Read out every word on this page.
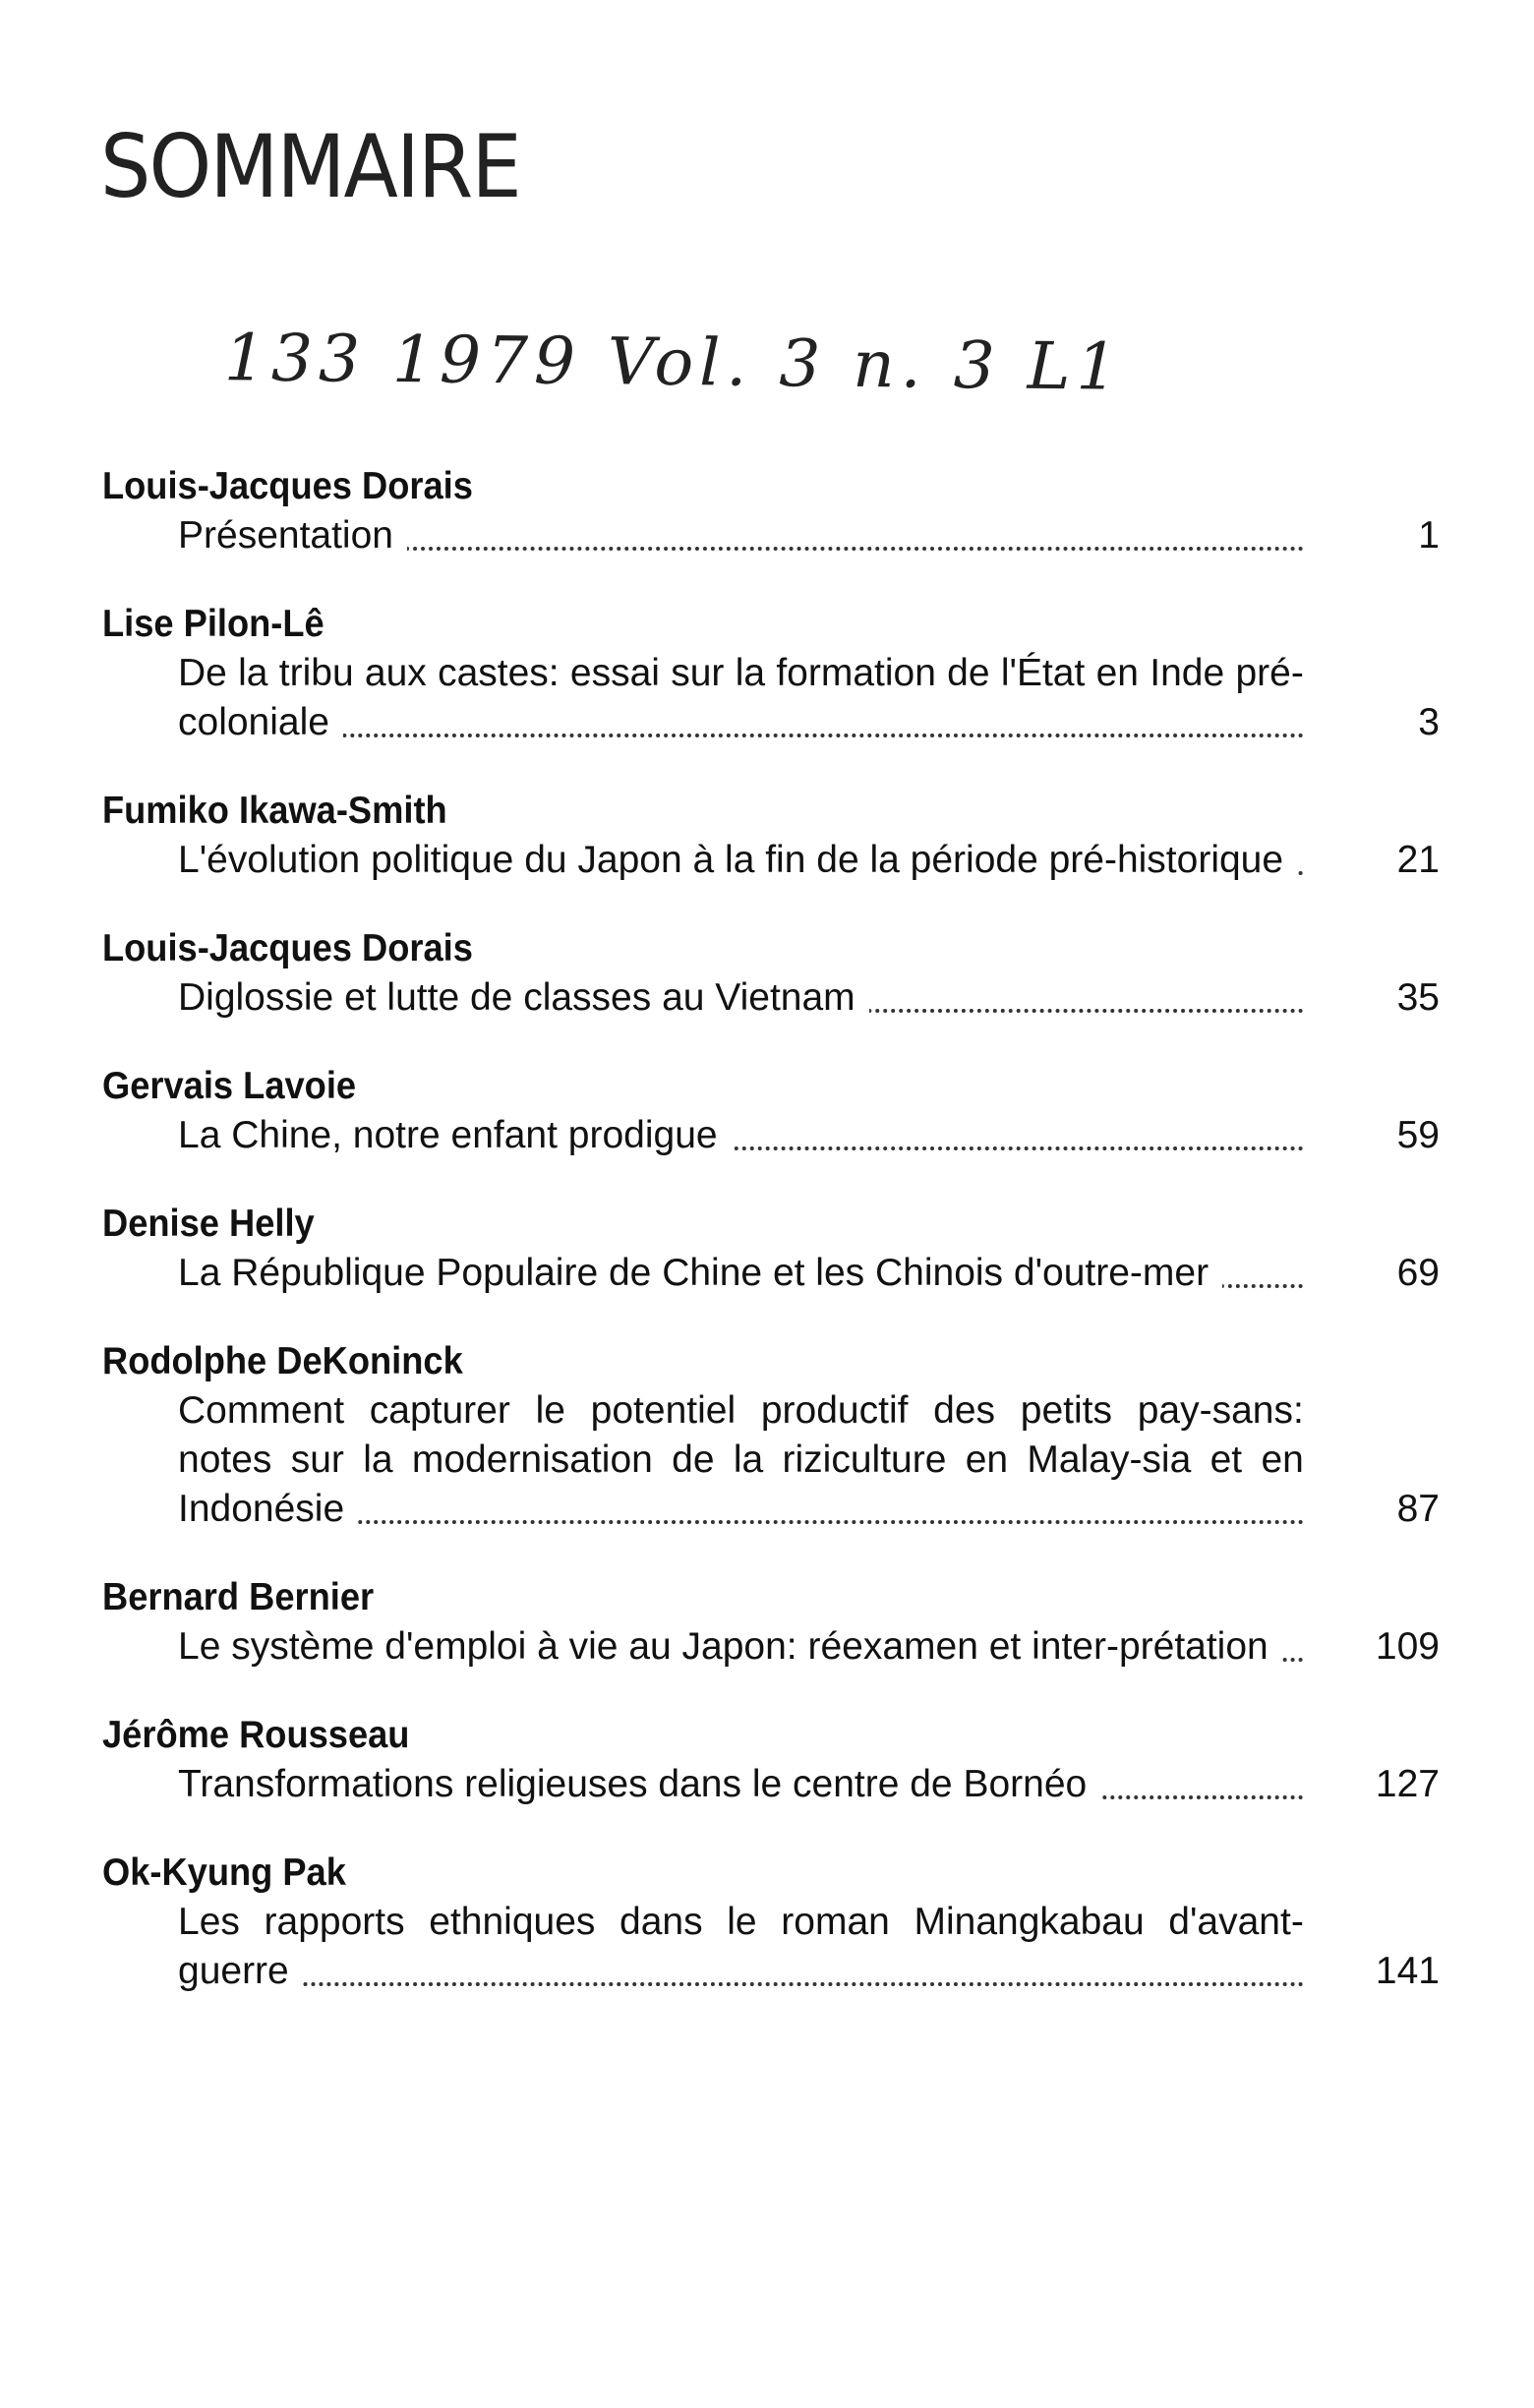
SOMMAIRE
133 1979 Vol. 3 n. 3 L1
Louis-Jacques Dorais
Présentation	1
Lise Pilon-Lê
De la tribu aux castes: essai sur la formation de l'État en Inde pré-coloniale	3
Fumiko Ikawa-Smith
L'évolution politique du Japon à la fin de la période pré-historique	21
Louis-Jacques Dorais
Diglossie et lutte de classes au Vietnam	35
Gervais Lavoie
La Chine, notre enfant prodigue	59
Denise Helly
La République Populaire de Chine et les Chinois d'outre-mer	69
Rodolphe DeKoninck
Comment capturer le potentiel productif des petits pay-sans: notes sur la modernisation de la riziculture en Malay-sia et en Indonésie	87
Bernard Bernier
Le système d'emploi à vie au Japon: réexamen et inter-prétation	109
Jérôme Rousseau
Transformations religieuses dans le centre de Bornéo	127
Ok-Kyung Pak
Les rapports ethniques dans le roman Minangkabau d'avant-guerre	141
